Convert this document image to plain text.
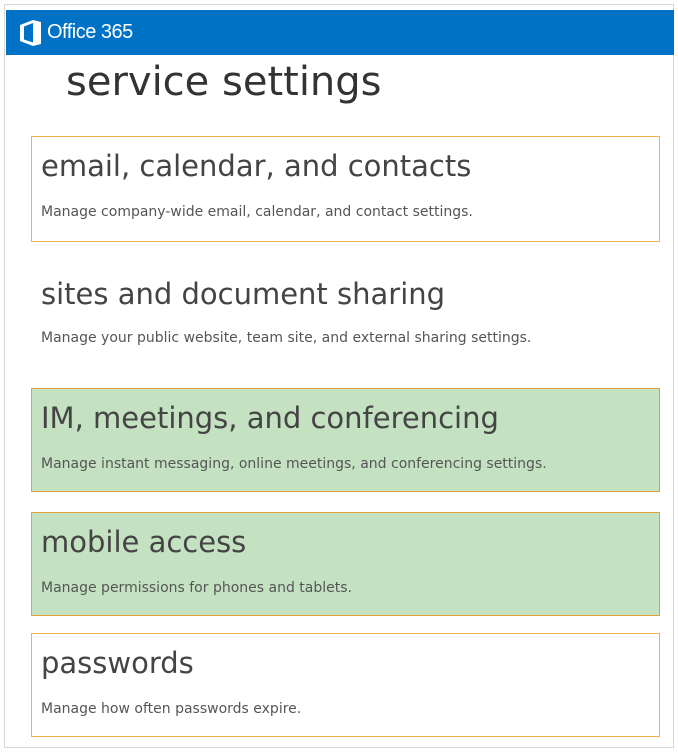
Office 365
service settings
email, calendar, and contacts
Manage company-wide email, calendar, and contact settings.
sites and document sharing
Manage your public website, team site, and external sharing settings.
IM, meetings, and conferencing
Manage instant messaging, online meetings, and conferencing settings.
mobile access
Manage permissions for phones and tablets.
passwords
Manage how often passwords expire.
